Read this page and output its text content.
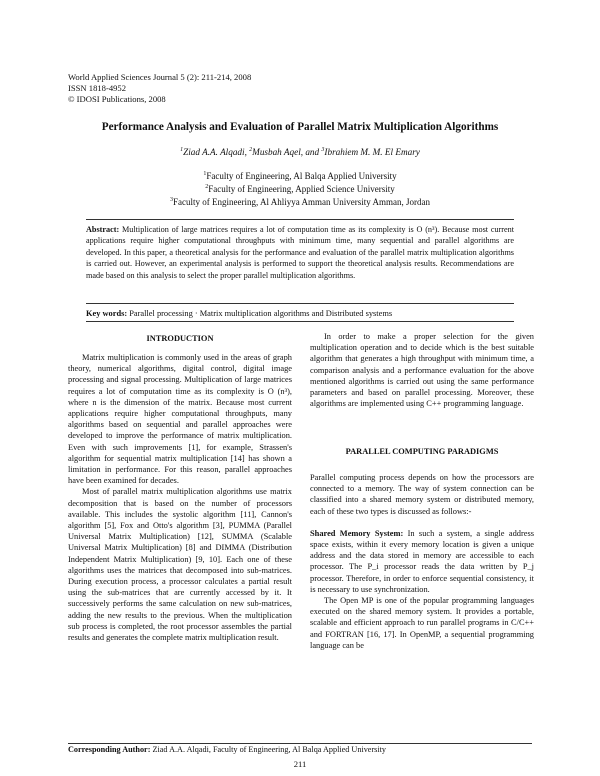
World Applied Sciences Journal 5 (2): 211-214, 2008
ISSN 1818-4952
© IDOSI Publications, 2008
Performance Analysis and Evaluation of Parallel Matrix Multiplication Algorithms
$^1$Ziad A.A. Alqadi, $^2$Musbah Aqel, and $^3$Ibrahiem M. M. El Emary
$^1$Faculty of Engineering, Al Balqa Applied University
$^2$Faculty of Engineering, Applied Science University
$^3$Faculty of Engineering, Al Ahliyya Amman University Amman, Jordan
Abstract: Multiplication of large matrices requires a lot of computation time as its complexity is O (n³). Because most current applications require higher computational throughputs with minimum time, many sequential and parallel algorithms are developed. In this paper, a theoretical analysis for the performance and evaluation of the parallel matrix multiplication algorithms is carried out. However, an experimental analysis is performed to support the theoretical analysis results. Recommendations are made based on this analysis to select the proper parallel multiplication algorithms.
Key words: Parallel processing · Matrix multiplication algorithms and Distributed systems
INTRODUCTION

Matrix multiplication is commonly used in the areas of graph theory, numerical algorithms, digital control, digital image processing and signal processing. Multiplication of large matrices requires a lot of computation time as its complexity is O (n³), where n is the dimension of the matrix. Because most current applications require higher computational throughputs, many algorithms based on sequential and parallel approaches were developed to improve the performance of matrix multiplication. Even with such improvements [1], for example, Strassen's algorithm for sequential matrix multiplication [14] has shown a limitation in performance. For this reason, parallel approaches have been examined for decades.

Most of parallel matrix multiplication algorithms use matrix decomposition that is based on the number of processors available. This includes the systolic algorithm [11], Cannon's algorithm [5], Fox and Otto's algorithm [3], PUMMA (Parallel Universal Matrix Multiplication) [12], SUMMA (Scalable Universal Matrix Multiplication) [8] and DIMMA (Distribution Independent Matrix Multiplication) [9, 10]. Each one of these algorithms uses the matrices that decomposed into sub-matrices. During execution process, a processor calculates a partial result using the sub-matrices that are currently accessed by it. It successively performs the same calculation on new sub-matrices, adding the new results to the previous. When the multiplication sub process is completed, the root processor assembles the partial results and generates the complete matrix multiplication result.

In order to make a proper selection for the given multiplication operation and to decide which is the best suitable algorithm that generates a high throughput with minimum time, a comparison analysis and a performance evaluation for the above mentioned algorithms is carried out using the same performance parameters and based on parallel processing. Moreover, these algorithms are implemented using C++ programming language.

PARALLEL COMPUTING PARADIGMS

Parallel computing process depends on how the processors are connected to a memory. The way of system connection can be classified into a shared memory system or distributed memory, each of these two types is discussed as follows:-

Shared Memory System: In such a system, a single address space exists, within it every memory location is given a unique address and the data stored in memory are accessible to each processor. The P_i processor reads the data written by P_j processor. Therefore, in order to enforce sequential consistency, it is necessary to use synchronization.

The Open MP is one of the popular programming languages executed on the shared memory system. It provides a portable, scalable and efficient approach to run parallel programs in C/C++ and FORTRAN [16, 17]. In OpenMP, a sequential programming language can be

Corresponding Author: Ziad A.A. Alqadi, Faculty of Engineering, Al Balqa Applied University
211
